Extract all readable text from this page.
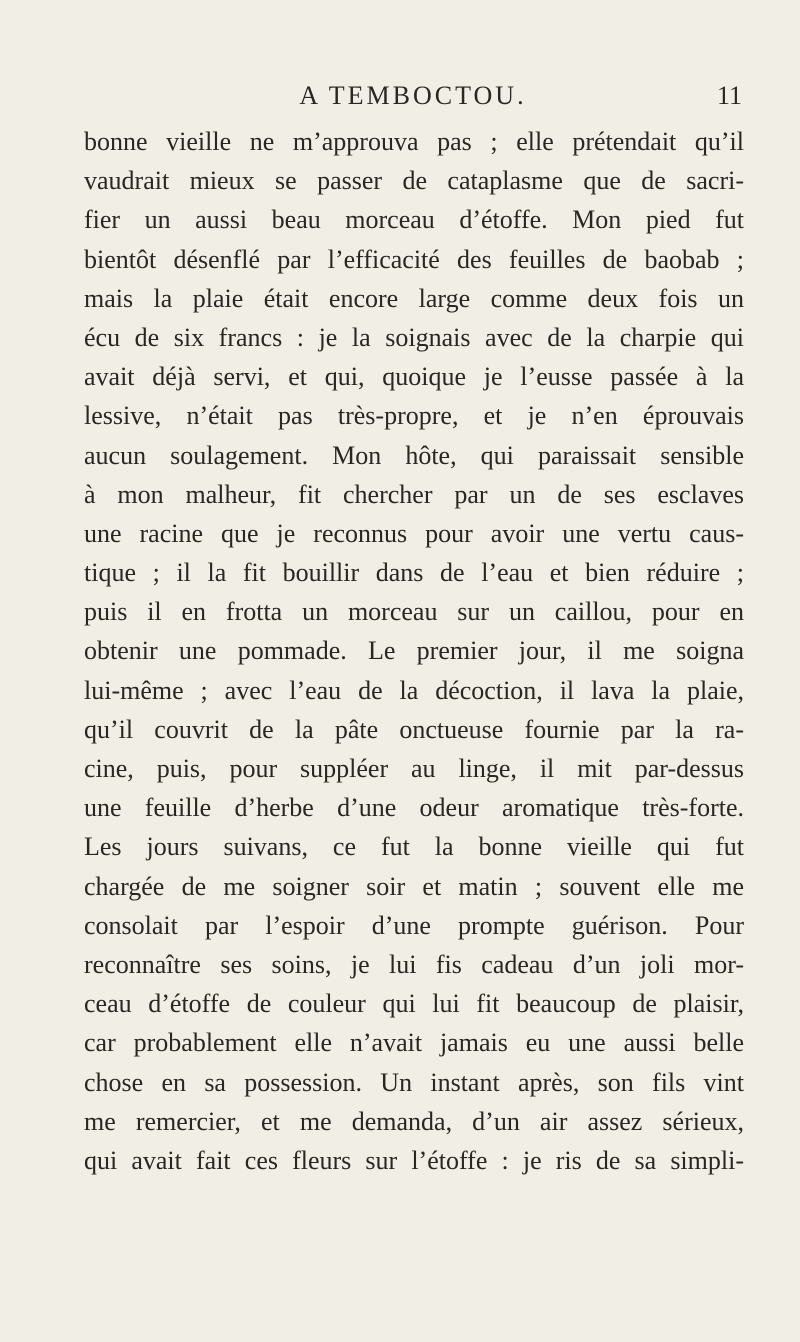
A TEMBOCTOU.	11
bonne vieille ne m’approuva pas ; elle prétendait qu’il
vaudrait mieux se passer de cataplasme que de sacri-
fier un aussi beau morceau d’étoffe. Mon pied fut
bientôt désenflé par l’efficacité des feuilles de baobab ;
mais la plaie était encore large comme deux fois un
écu de six francs : je la soignais avec de la charpie qui
avait déjà servi, et qui, quoique je l’eusse passée à la
lessive, n’était pas très-propre, et je n’en éprouvais
aucun soulagement. Mon hôte, qui paraissait sensible
à mon malheur, fit chercher par un de ses esclaves
une racine que je reconnus pour avoir une vertu caus-
tique ; il la fit bouillir dans de l’eau et bien réduire ;
puis il en frotta un morceau sur un caillou, pour en
obtenir une pommade. Le premier jour, il me soigna
lui-même ; avec l’eau de la décoction, il lava la plaie,
qu’il couvrit de la pâte onctueuse fournie par la ra-
cine, puis, pour suppléer au linge, il mit par-dessus
une feuille d’herbe d’une odeur aromatique très-forte.
Les jours suivans, ce fut la bonne vieille qui fut
chargée de me soigner soir et matin ; souvent elle me
consolait par l’espoir d’une prompte guérison. Pour
reconnaître ses soins, je lui fis cadeau d’un joli mor-
ceau d’étoffe de couleur qui lui fit beaucoup de plaisir,
car probablement elle n’avait jamais eu une aussi belle
chose en sa possession. Un instant après, son fils vint
me remercier, et me demanda, d’un air assez sérieux,
qui avait fait ces fleurs sur l’étoffe : je ris de sa simpli-
